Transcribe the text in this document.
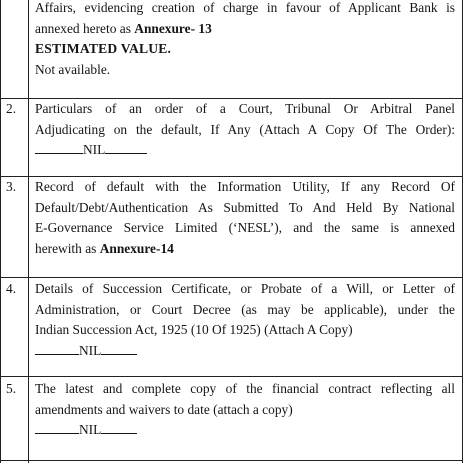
Affairs, evidencing creation of charge in favour of Applicant Bank is
annexed hereto as Annexure- 13
ESTIMATED VALUE.
Not available.
2. Particulars of an order of a Court, Tribunal Or Arbitral Panel
Adjudicating on the default, If Any (Attach A Copy Of The Order):
NIL
3. Record of default with the Information Utility, If any Record Of
Default/Debt/Authentication As Submitted To And Held By National
E-Governance Service Limited (‘NESL’), and the same is annexed
herewith as Annexure-14
4. Details of Succession Certificate, or Probate of a Will, or Letter of
Administration, or Court Decree (as may be applicable), under the
Indian Succession Act, 1925 (10 Of 1925) (Attach A Copy)
NIL
5. The latest and complete copy of the financial contract reflecting all
amendments and waivers to date (attach a copy)
NIL
